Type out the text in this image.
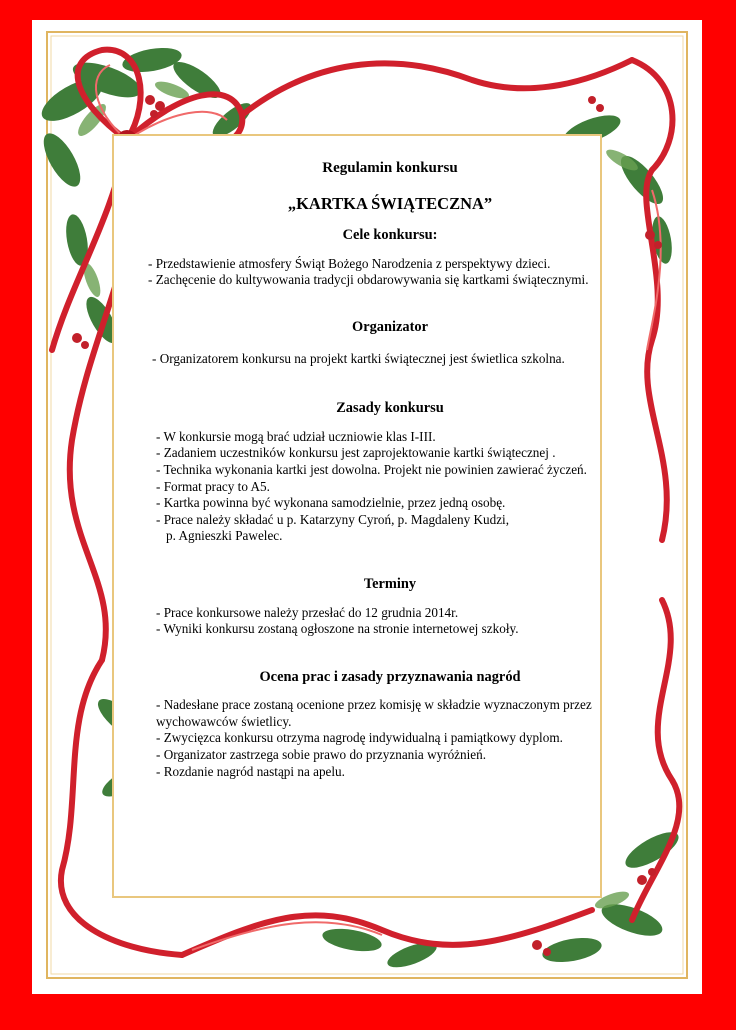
Regulamin konkursu
„KARTKA ŚWIĄTECZNA”
Cele konkursu:
- Przedstawienie atmosfery Świąt Bożego Narodzenia z perspektywy dzieci.
- Zachęcenie do kultywowania tradycji obdarowywania się kartkami świątecznymi.
Organizator
- Organizatorem konkursu na projekt kartki świątecznej jest świetlica szkolna.
Zasady konkursu
- W konkursie mogą brać udział uczniowie klas I-III.
- Zadaniem uczestników konkursu jest zaprojektowanie kartki świątecznej .
- Technika wykonania kartki jest dowolna. Projekt nie powinien zawierać życzeń.
- Format pracy to A5.
- Kartka powinna być wykonana samodzielnie, przez jedną osobę.
- Prace należy składać u p. Katarzyny Cyroń, p. Magdaleny Kudzi,
p. Agnieszki Pawelec.
Terminy
- Prace konkursowe należy przesłać do 12 grudnia 2014r.
- Wyniki konkursu zostaną ogłoszone na stronie internetowej szkoły.
Ocena prac i zasady przyznawania nagród
- Nadesłane prace zostaną ocenione przez komisję w składzie wyznaczonym przez wychowawców świetlicy.
- Zwycięzca konkursu otrzyma nagrodę indywidualną i pamiątkowy dyplom.
- Organizator zastrzega sobie prawo do przyznania wyróżnień.
- Rozdanie nagród nastąpi na apelu.
